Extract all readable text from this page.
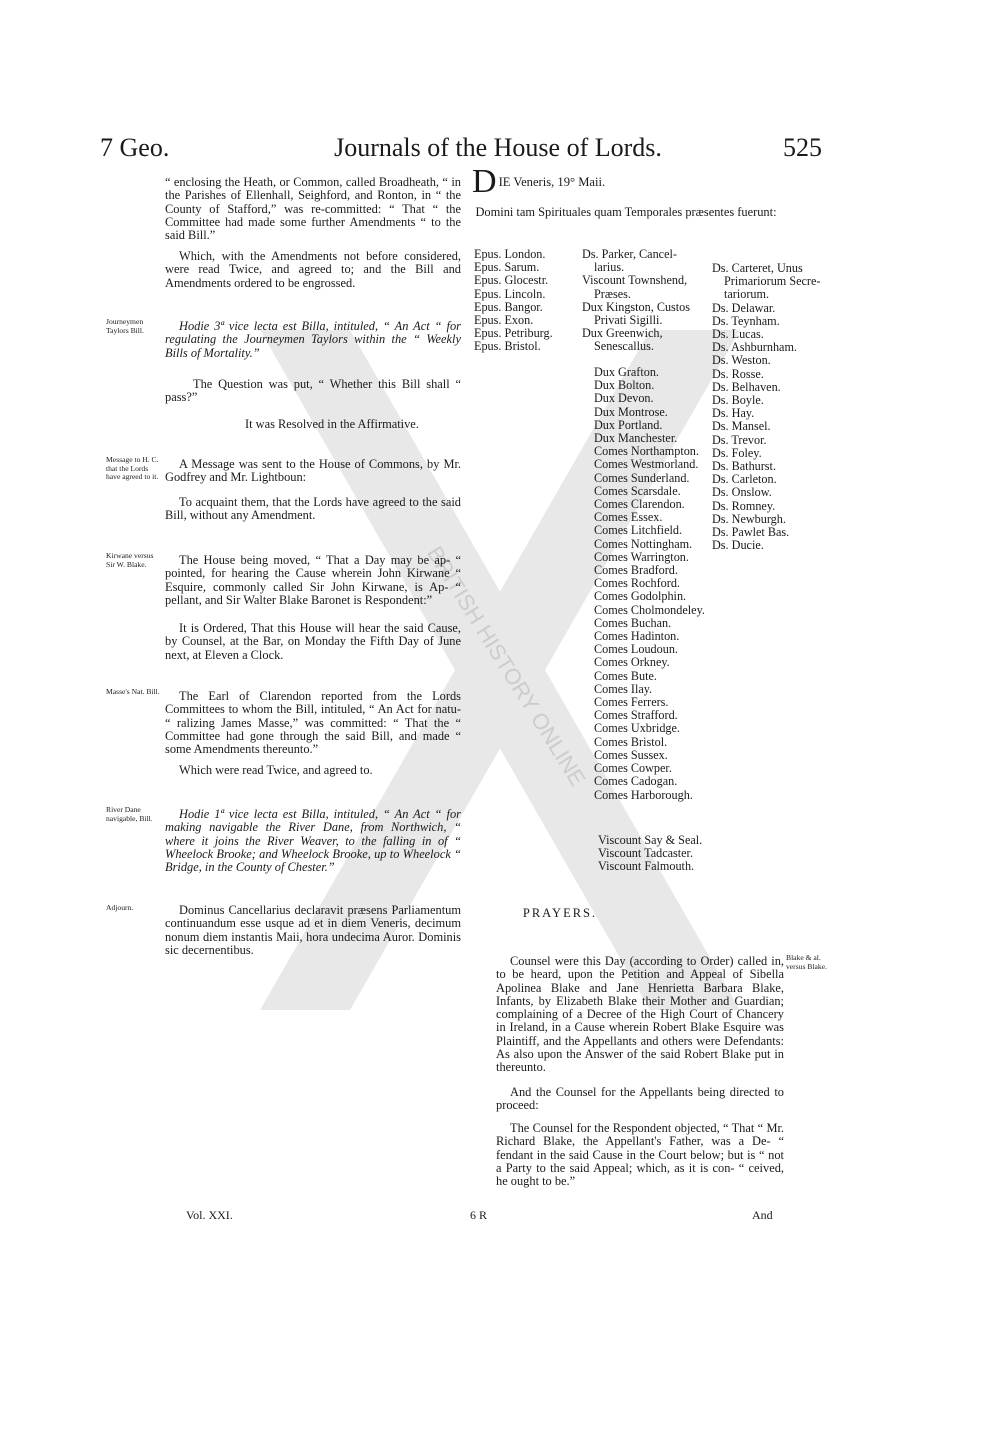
7 Geo.	Journals of the House of Lords.	525
BRITISH HISTORY ONLINE
“ enclosing the Heath, or Common, called Broadheath, “ in the Parishes of Ellenhall, Seighford, and Ronton, in “ the County of Stafford,” was re-committed: “ That “ the Committee had made some further Amendments “ to the said Bill.”
Which, with the Amendments not before considered, were read Twice, and agreed to; and the Bill and Amendments ordered to be engrossed.
Journeymen Taylors Bill.	Hodie 3ª vice lecta est Billa, intituled, “ An Act “ for regulating the Journeymen Taylors within the “ Weekly Bills of Mortality.”
The Question was put, “ Whether this Bill shall “ pass?”
It was Resolved in the Affirmative.
Message to H. C. that the Lords have agreed to it.
A Message was sent to the House of Commons, by Mr. Godfrey and Mr. Lightboun:
To acquaint them, that the Lords have agreed to the said Bill, without any Amendment.
Kirwane versus Sir W. Blake.	The House being moved, “ That a Day may be ap- “ pointed, for hearing the Cause wherein John Kirwane “ Esquire, commonly called Sir John Kirwane, is Ap- “ pellant, and Sir Walter Blake Baronet is Respondent:”
It is Ordered, That this House will hear the said Cause, by Counsel, at the Bar, on Monday the Fifth Day of June next, at Eleven a Clock.
Masse's Nat. Bill.	The Earl of Clarendon reported from the Lords Committees to whom the Bill, intituled, “ An Act for natu- “ ralizing James Masse,” was committed: “ That the “ Committee had gone through the said Bill, and made “ some Amendments thereunto.”
Which were read Twice, and agreed to.
River Dane navigable, Bill.	Hodie 1ª vice lecta est Billa, intituled, “ An Act “ for making navigable the River Dane, from Northwich, “ where it joins the River Weaver, to the falling in of “ Wheelock Brooke; and Wheelock Brooke, up to Wheelock “ Bridge, in the County of Chester.”
Adjourn.	Dominus Cancellarius declaravit præsens Parliamentum continuandum esse usque ad et in diem Veneris, decimum nonum diem instantis Maii, hora undecima Auror. Dominis sic decernentibus.
D IE Veneris, 19° Maii.
Domini tam Spirituales quam Temporales præsentes fuerunt:
Epus. London.
Epus. Sarum.
Epus. Glocestr.
Epus. Lincoln.
Epus. Bangor.
Epus. Exon.
Epus. Petriburg.
Epus. Bristol.
Ds. Parker, Cancel-
larius.
Viscount Townshend,
Præses.
Dux Kingston, Custos
Privati Sigilli.
Dux Greenwich,
Senescallus.
Dux Grafton.
Dux Bolton.
Dux Devon.
Dux Montrose.
Dux Portland.
Dux Manchester.
Comes Northampton.
Comes Westmorland.
Comes Sunderland.
Comes Scarsdale.
Comes Clarendon.
Comes Essex.
Comes Litchfield.
Comes Nottingham.
Comes Warrington.
Comes Bradford.
Comes Rochford.
Comes Godolphin.
Comes Cholmondeley.
Comes Buchan.
Comes Hadinton.
Comes Loudoun.
Comes Orkney.
Comes Bute.
Comes Ilay.
Comes Ferrers.
Comes Strafford.
Comes Uxbridge.
Comes Bristol.
Comes Sussex.
Comes Cowper.
Comes Cadogan.
Comes Harborough.
Viscount Say & Seal.
Viscount Tadcaster.
Viscount Falmouth.
Ds. Carteret, Unus
Primariorum Secre-
tariorum.
Ds. Delawar.
Ds. Teynham.
Ds. Lucas.
Ds. Ashburnham.
Ds. Weston.
Ds. Rosse.
Ds. Belhaven.
Ds. Boyle.
Ds. Hay.
Ds. Mansel.
Ds. Trevor.
Ds. Foley.
Ds. Bathurst.
Ds. Carleton.
Ds. Onslow.
Ds. Romney.
Ds. Newburgh.
Ds. Pawlet Bas.
Ds. Ducie.
PRAYERS.
Blake & al. versus Blake.
Counsel were this Day (according to Order) called in, to be heard, upon the Petition and Appeal of Sibella Apolinea Blake and Jane Henrietta Barbara Blake, Infants, by Elizabeth Blake their Mother and Guardian; complaining of a Decree of the High Court of Chancery in Ireland, in a Cause wherein Robert Blake Esquire was Plaintiff, and the Appellants and others were Defendants: As also upon the Answer of the said Robert Blake put in thereunto.
And the Counsel for the Appellants being directed to proceed:
The Counsel for the Respondent objected, “ That “ Mr. Richard Blake, the Appellant's Father, was a De- “ fendant in the said Cause in the Court below; but is “ not a Party to the said Appeal; which, as it is con- “ ceived, he ought to be.”
Vol. XXI.	6 R	And
